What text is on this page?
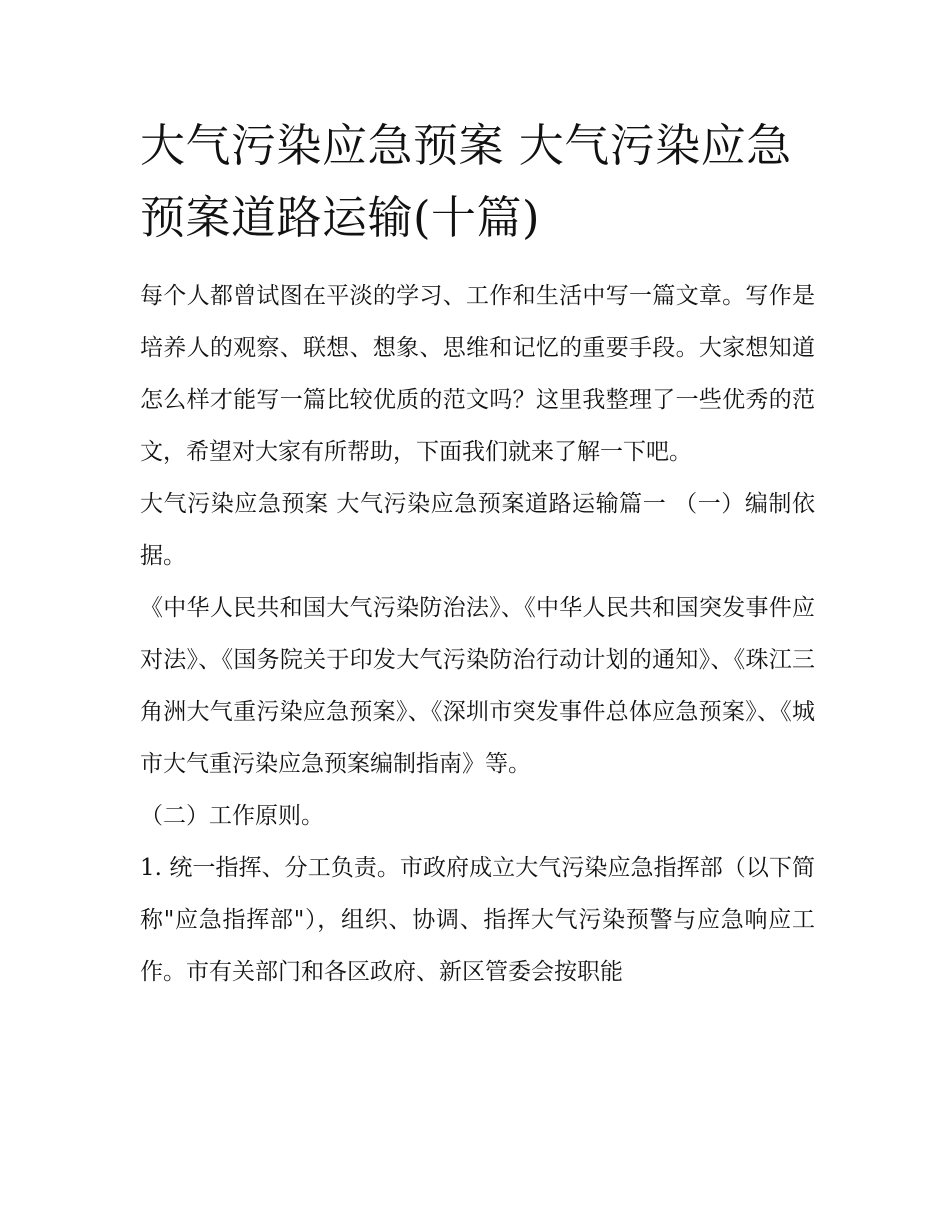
大气污染应急预案 大气污染应急预案道路运输(十篇)

每个人都曾试图在平淡的学习、工作和生活中写一篇文章。写作是培养人的观察、联想、想象、思维和记忆的重要手段。大家想知道怎么样才能写一篇比较优质的范文吗？这里我整理了一些优秀的范文，希望对大家有所帮助，下面我们就来了解一下吧。

大气污染应急预案 大气污染应急预案道路运输篇一 （一）编制依据。

《中华人民共和国大气污染防治法》、《中华人民共和国突发事件应对法》、《国务院关于印发大气污染防治行动计划的通知》、《珠江三角洲大气重污染应急预案》、《深圳市突发事件总体应急预案》、《城市大气重污染应急预案编制指南》等。

（二）工作原则。

1. 统一指挥、分工负责。市政府成立大气污染应急指挥部（以下简称"应急指挥部"），组织、协调、指挥大气污染预警与应急响应工作。市有关部门和各区政府、新区管委会按职能
